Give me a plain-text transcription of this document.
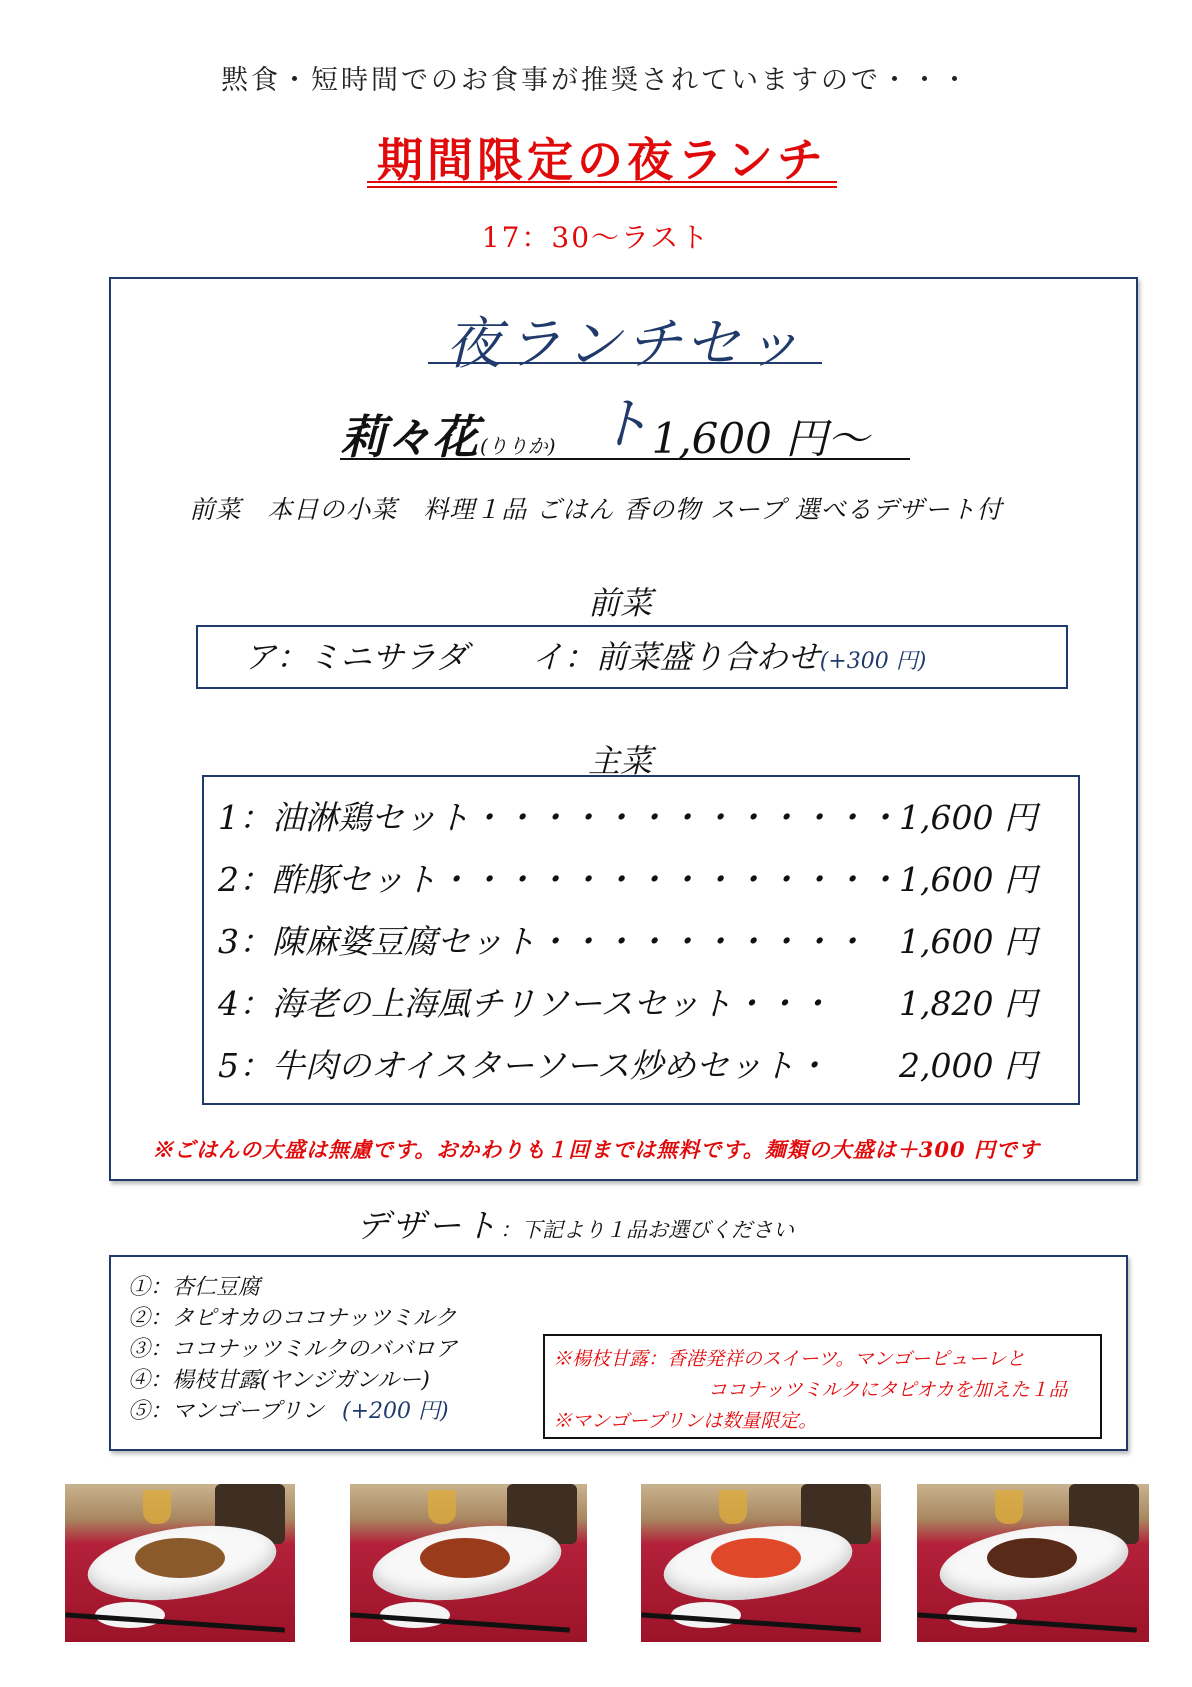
黙食・短時間でのお食事が推奨されていますので・・・
期間限定の夜ランチ
17：30～ラスト
夜ランチセット
莉々花 (りりか) 1,600 円～
前菜　本日の小菜　料理１品 ごはん 香の物 スープ 選べるデザート付
前菜
ア：ミニサラダ イ：前菜盛り合わせ(+300 円)
主菜
1：油淋鶏セット・・・・・・・・・・・・・ 1,600 円
2：酢豚セット・・・・・・・・・・・・・・ 1,600 円
3：陳麻婆豆腐セット・・・・・・・・・・ 1,600 円
4：海老の上海風チリソースセット・・・ 1,820 円
5：牛肉のオイスターソース炒めセット・ 2,000 円
※ごはんの大盛は無慮です。おかわりも１回までは無料です。麺類の大盛は＋300 円です
デザート：下記より１品お選びください
①：杏仁豆腐
②：タピオカのココナッツミルク
③：ココナッツミルクのババロア
④：楊枝甘露(ヤンジガンルー)
⑤：マンゴープリン (+200 円)
※楊枝甘露：香港発祥のスイーツ。マンゴーピューレと
ココナッツミルクにタピオカを加えた１品
※マンゴープリンは数量限定。
